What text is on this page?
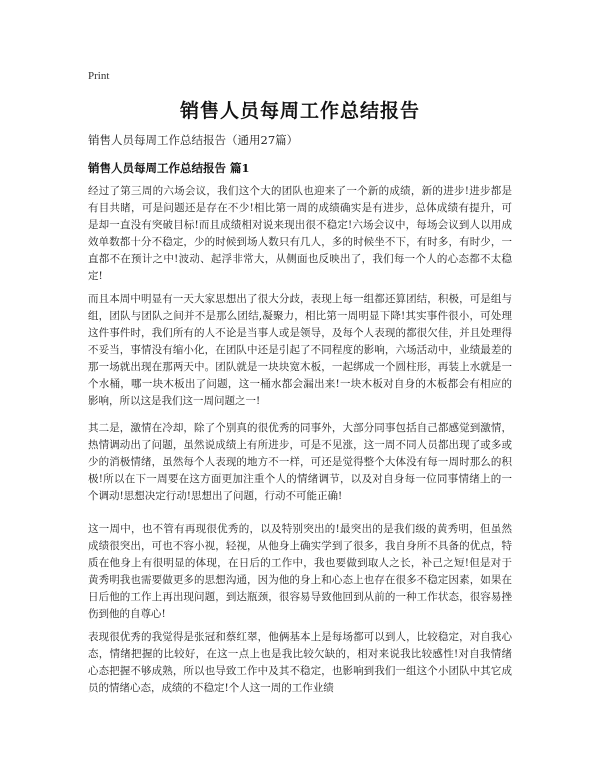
Print
销售人员每周工作总结报告
销售人员每周工作总结报告（通用27篇）
销售人员每周工作总结报告 篇1

经过了第三周的六场会议，我们这个大的团队也迎来了一个新的成绩，新的进步!进步都是有目共睹，可是问题还是存在不少!相比第一周的成绩确实是有进步，总体成绩有提升，可是却一直没有突破目标!而且成绩相对说来现出很不稳定!六场会议中，每场会议到人以用成效单数都十分不稳定，少的时候到场人数只有几人，多的时候坐不下，有时多，有时少，一直都不在预计之中!波动、起浮非常大，从侧面也反映出了，我们每一个人的心态都不太稳定!

而且本周中明显有一天大家思想出了很大分歧，表现上每一组都还算团结，积极，可是组与组，团队与团队之间并不是那么团结,凝聚力，相比第一周明显下降!其实事件很小，可处理这件事件时，我们所有的人不论是当事人或是领导，及每个人表现的都很欠佳，并且处理得不妥当，事情没有缩小化，在团队中还是引起了不同程度的影响，六场活动中，业绩最差的那一场就出现在那两天中。团队就是一块块宽木板，一起绑成一个圆柱形，再装上水就是一个水桶，哪一块木板出了问题，这一桶水都会漏出来!一块木板对自身的木板都会有相应的影响，所以这是我们这一周问题之一!

其二是，激情在冷却，除了个别真的很优秀的同事外，大部分同事包括自己都感觉到激情，热情调动出了问题，虽然说成绩上有所进步，可是不见涨，这一周不同人员都出现了或多或少的消极情绪，虽然每个人表现的地方不一样，可还是觉得整个大体没有每一周时那么的积极!所以在下一周要在这方面更加注重个人的情绪调节，以及对自身每一位同事情绪上的一个调动!思想决定行动!思想出了问题，行动不可能正确!

这一周中，也不管有再现很优秀的，以及特别突出的!最突出的是我们级的黄秀明，但虽然成绩很突出，可也不容小视，轻视，从他身上确实学到了很多，我自身所不具备的优点，特质在他身上有很明显的体现，在日后的工作中，我也要做到取人之长，补己之短!但是对于黄秀明我也需要做更多的思想沟通，因为他的身上和心态上也存在很多不稳定因素，如果在日后他的工作上再出现问题，到达瓶颈，很容易导致他回到从前的一种工作状态，很容易挫伤到他的自尊心!

表现很优秀的我觉得是张冠和蔡红翠，他俩基本上是每场都可以到人，比较稳定，对自我心态，情绪把握的比较好，在这一点上也是我比较欠缺的，相对来说我比较感性!对自我情绪心态把握不够成熟，所以也导致工作中及其不稳定，也影响到我们一组这个小团队中其它成员的情绪心态，成绩的不稳定!个人这一周的工作业绩
